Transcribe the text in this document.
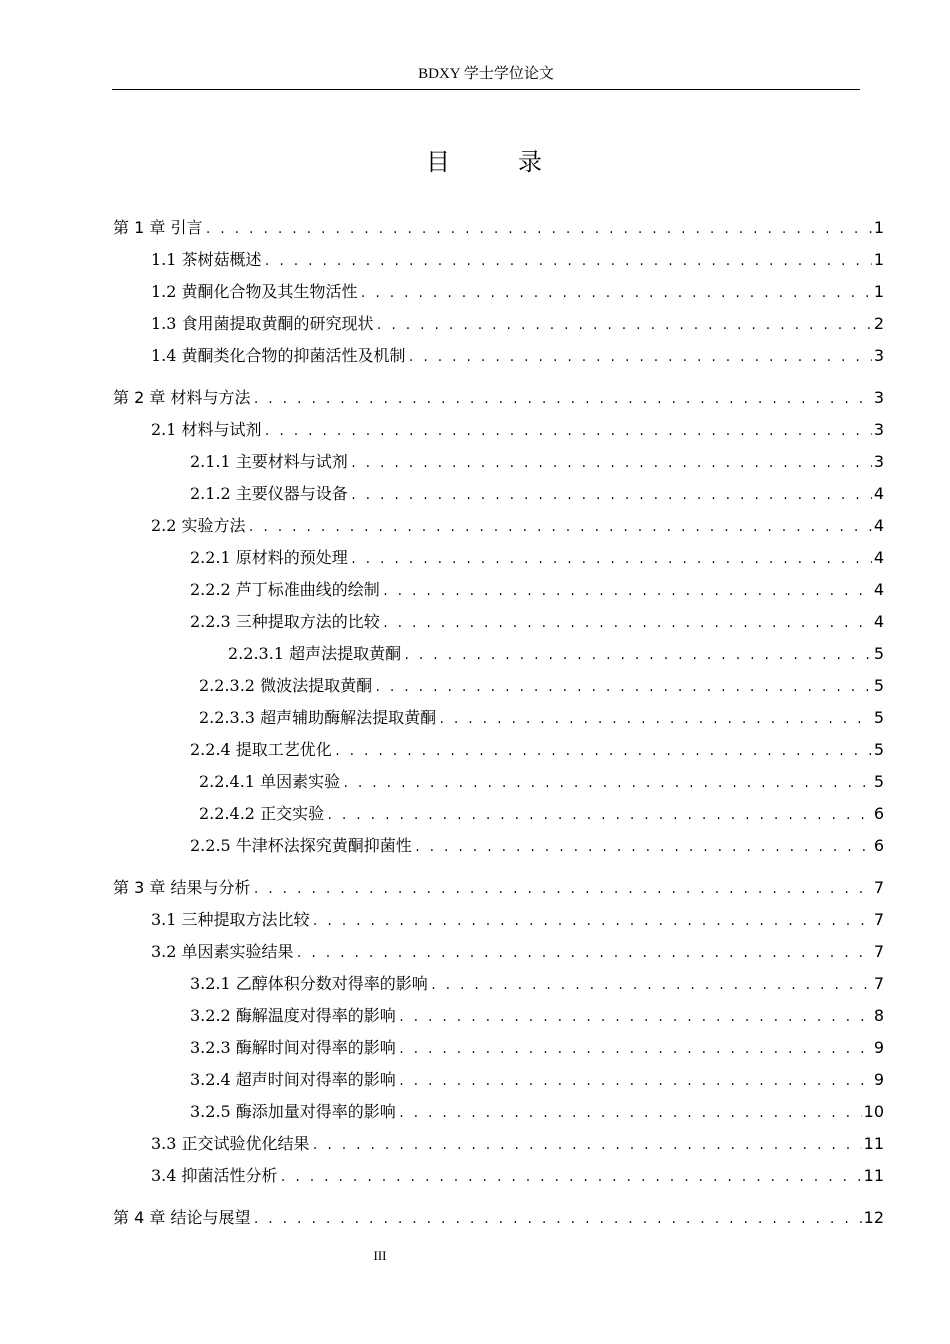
BDXY 学士学位论文
目　录
第 1 章 引言 . . .	1
1.1 茶树菇概述 . . .	1
1.2 黄酮化合物及其生物活性 . . .	1
1.3 食用菌提取黄酮的研究现状 . . .	2
1.4 黄酮类化合物的抑菌活性及机制 . . .	3
第 2 章 材料与方法 . . .	3
2.1 材料与试剂 . . .	3
2.1.1 主要材料与试剂 . . .	3
2.1.2 主要仪器与设备 . . .	4
2.2 实验方法 . . .	4
2.2.1 原材料的预处理 . . .	4
2.2.2 芦丁标准曲线的绘制 . . .	4
2.2.3 三种提取方法的比较 . . .	4
2.2.3.1 超声法提取黄酮 . . .	5
2.2.3.2 微波法提取黄酮 . . .	5
2.2.3.3 超声辅助酶解法提取黄酮 . . .	5
2.2.4 提取工艺优化 . . .	5
2.2.4.1 单因素实验 . . .	5
2.2.4.2 正交实验 . . .	6
2.2.5 牛津杯法探究黄酮抑菌性 . . .	6
第 3 章 结果与分析 . . .	7
3.1 三种提取方法比较 . . .	7
3.2 单因素实验结果 . . .	7
3.2.1 乙醇体积分数对得率的影响 . . .	7
3.2.2 酶解温度对得率的影响 . . .	8
3.2.3 酶解时间对得率的影响 . . .	9
3.2.4 超声时间对得率的影响 . . .	9
3.2.5 酶添加量对得率的影响 . . .	10
3.3 正交试验优化结果 . . .	11
3.4 抑菌活性分析 . . .	11
第 4 章 结论与展望 . . .	12
III
